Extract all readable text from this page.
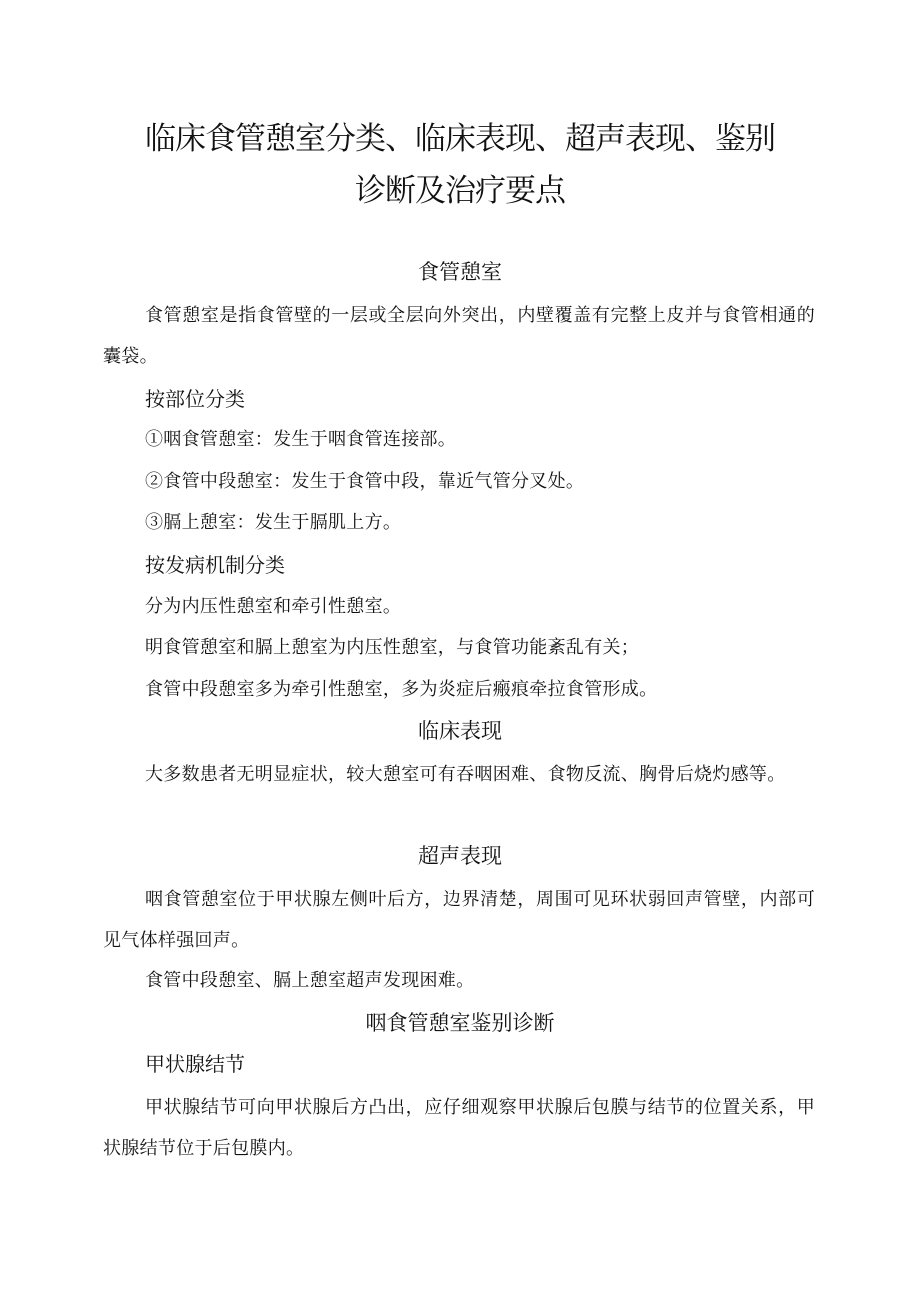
临床食管憩室分类、临床表现、超声表现、鉴别
诊断及治疗要点
食管憩室

食管憩室是指食管壁的一层或全层向外突出，内壁覆盖有完整上皮并与食管相通的囊袋。

按部位分类

①咽食管憩室：发生于咽食管连接部。

②食管中段憩室：发生于食管中段，靠近气管分叉处。

③膈上憩室：发生于膈肌上方。

按发病机制分类

分为内压性憩室和牵引性憩室。

明食管憩室和膈上憩室为内压性憩室，与食管功能紊乱有关；

食管中段憩室多为牵引性憩室，多为炎症后瘢痕牵拉食管形成。

临床表现

大多数患者无明显症状，较大憩室可有吞咽困难、食物反流、胸骨后烧灼感等。

超声表现

咽食管憩室位于甲状腺左侧叶后方，边界清楚，周围可见环状弱回声管壁，内部可见气体样强回声。

食管中段憩室、膈上憩室超声发现困难。

咽食管憩室鉴别诊断
甲状腺结节

甲状腺结节可向甲状腺后方凸出，应仔细观察甲状腺后包膜与结节的位置关系，甲状腺结节位于后包膜内。
